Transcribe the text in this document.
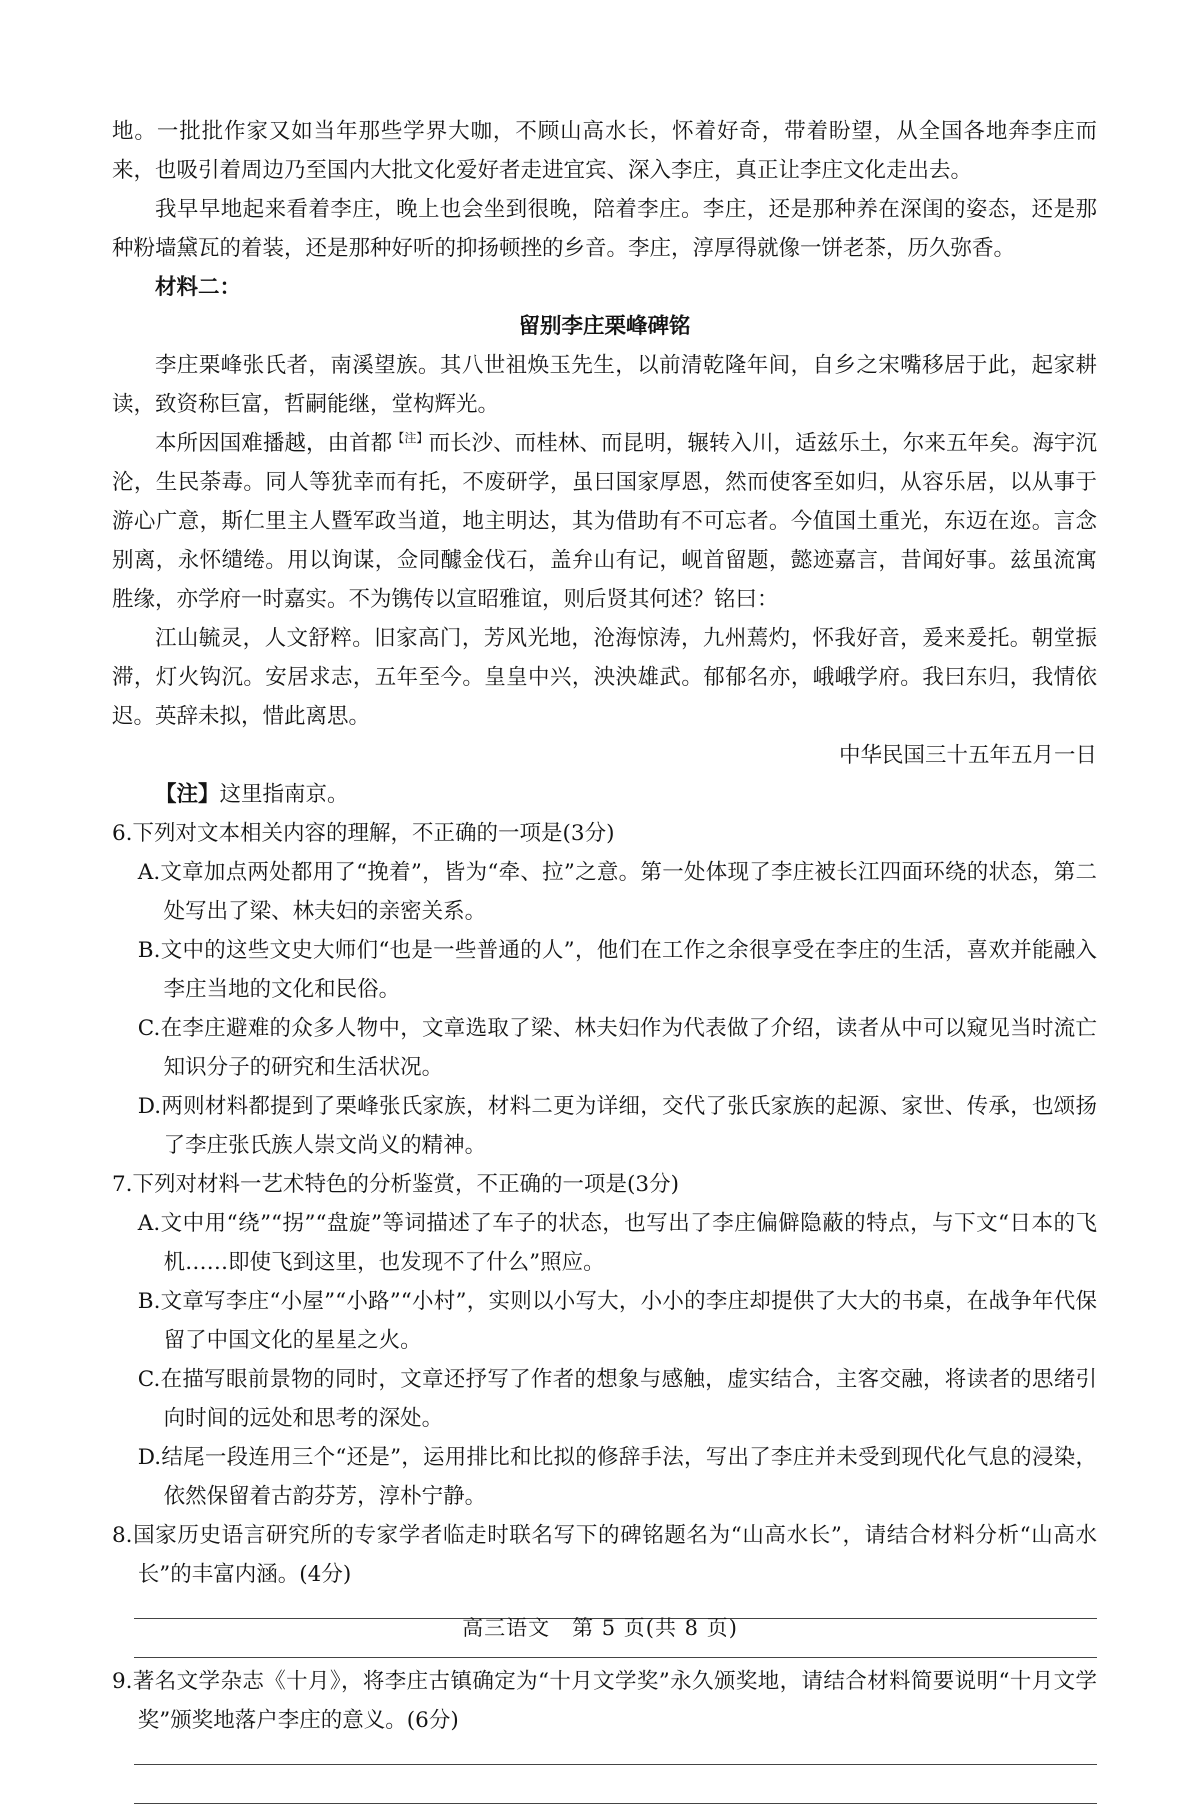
地。一批批作家又如当年那些学界大咖，不顾山高水长，怀着好奇，带着盼望，从全国各地奔李庄而来，也吸引着周边乃至国内大批文化爱好者走进宜宾、深入李庄，真正让李庄文化走出去。

我早早地起来看着李庄，晚上也会坐到很晚，陪着李庄。李庄，还是那种养在深闺的姿态，还是那种粉墙黛瓦的着装，还是那种好听的抑扬顿挫的乡音。李庄，淳厚得就像一饼老茶，历久弥香。

材料二：

留别李庄栗峰碑铭

李庄栗峰张氏者，南溪望族。其八世祖焕玉先生，以前清乾隆年间，自乡之宋嘴移居于此，起家耕读，致资称巨富，哲嗣能继，堂构辉光。

本所因国难播越，由首都$^{【注】}$而长沙、而桂林、而昆明，辗转入川，适兹乐土，尔来五年矣。海宇沉沦，生民荼毒。同人等犹幸而有托，不废研学，虽曰国家厚恩，然而使客至如归，从容乐居，以从事于游心广意，斯仁里主人暨军政当道，地主明达，其为借助有不可忘者。今值国土重光，东迈在迩。言念别离，永怀缱绻。用以询谋，佥同醵金伐石，盖弁山有记，岘首留题，懿迹嘉言，昔闻好事。兹虽流寓胜缘，亦学府一时嘉实。不为镌传以宣昭雅谊，则后贤其何述？铭曰：

江山毓灵，人文舒粹。旧家高门，芳风光地，沧海惊涛，九州蔫灼，怀我好音，爰来爰托。朝堂振滞，灯火钩沉。安居求志，五年至今。皇皇中兴，泱泱雄武。郁郁名亦，峨峨学府。我曰东归，我情依迟。英辞未拟，惜此离思。

中华民国三十五年五月一日

【注】这里指南京。

6.下列对文本相关内容的理解，不正确的一项是(3分)

A.文章加点两处都用了“挽着”，皆为“牵、拉”之意。第一处体现了李庄被长江四面环绕的状态，第二处写出了梁、林夫妇的亲密关系。

B.文中的这些文史大师们“也是一些普通的人”，他们在工作之余很享受在李庄的生活，喜欢并能融入李庄当地的文化和民俗。

C.在李庄避难的众多人物中，文章选取了梁、林夫妇作为代表做了介绍，读者从中可以窥见当时流亡知识分子的研究和生活状况。

D.两则材料都提到了栗峰张氏家族，材料二更为详细，交代了张氏家族的起源、家世、传承，也颂扬了李庄张氏族人崇文尚义的精神。

7.下列对材料一艺术特色的分析鉴赏，不正确的一项是(3分)

A.文中用“绕”“拐”“盘旋”等词描述了车子的状态，也写出了李庄偏僻隐蔽的特点，与下文“日本的飞机……即使飞到这里，也发现不了什么”照应。

B.文章写李庄“小屋”“小路”“小村”，实则以小写大，小小的李庄却提供了大大的书桌，在战争年代保留了中国文化的星星之火。

C.在描写眼前景物的同时，文章还抒写了作者的想象与感触，虚实结合，主客交融，将读者的思绪引向时间的远处和思考的深处。

D.结尾一段连用三个“还是”，运用排比和比拟的修辞手法，写出了李庄并未受到现代化气息的浸染，依然保留着古韵芬芳，淳朴宁静。

8.国家历史语言研究所的专家学者临走时联名写下的碑铭题名为“山高水长”，请结合材料分析“山高水长”的丰富内涵。(4分)

9.著名文学杂志《十月》，将李庄古镇确定为“十月文学奖”永久颁奖地，请结合材料简要说明“十月文学奖”颁奖地落户李庄的意义。(6分)

高三语文　第 5 页(共 8 页)
